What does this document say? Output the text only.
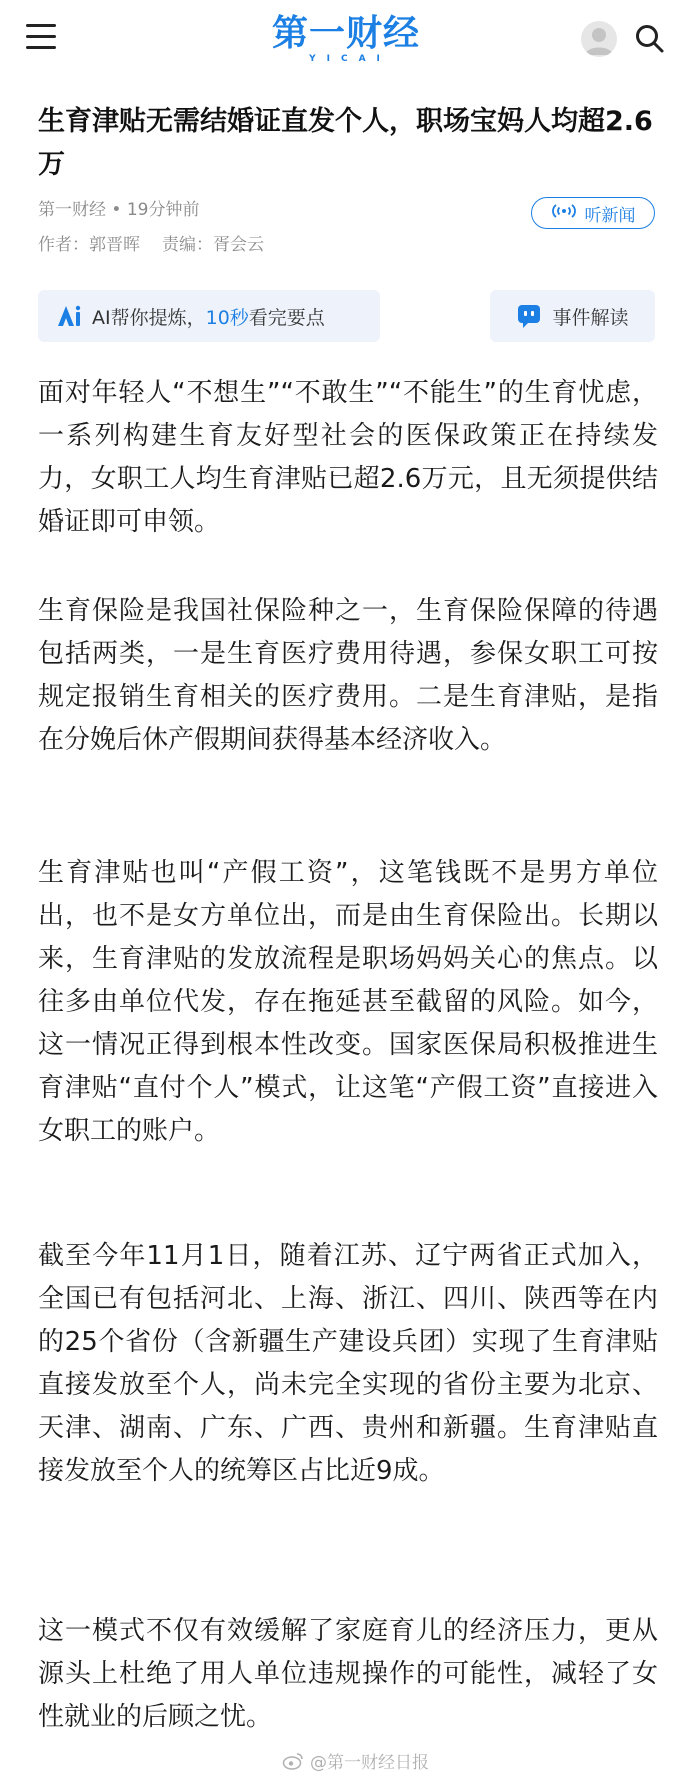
第一财经
YICAI
生育津贴无需结婚证直发个人，职场宝妈人均超2.6万
第一财经 • 19分钟前
作者：郭晋晖 责编：胥会云
听新闻
AI帮你提炼， 10秒 看完要点	事件解读

面对年轻人“不想生”“不敢生”“不能生”的生育忧虑，一系列构建生育友好型社会的医保政策正在持续发力，女职工人均生育津贴已超2.6万元，且无须提供结婚证即可申领。

生育保险是我国社保险种之一，生育保险保障的待遇包括两类，一是生育医疗费用待遇，参保女职工可按规定报销生育相关的医疗费用。二是生育津贴，是指在分娩后休产假期间获得基本经济收入。

生育津贴也叫“产假工资”，这笔钱既不是男方单位出，也不是女方单位出，而是由生育保险出。长期以来，生育津贴的发放流程是职场妈妈关心的焦点。以往多由单位代发，存在拖延甚至截留的风险。如今，这一情况正得到根本性改变。国家医保局积极推进生育津贴“直付个人”模式，让这笔“产假工资”直接进入女职工的账户。

截至今年11月1日，随着江苏、辽宁两省正式加入，全国已有包括河北、上海、浙江、四川、陕西等在内的25个省份（含新疆生产建设兵团）实现了生育津贴直接发放至个人，尚未完全实现的省份主要为北京、天津、湖南、广东、广西、贵州和新疆。生育津贴直接发放至个人的统筹区占比近9成。

这一模式不仅有效缓解了家庭育儿的经济压力，更从源头上杜绝了用人单位违规操作的可能性，减轻了女性就业的后顾之忧。

@第一财经日报
